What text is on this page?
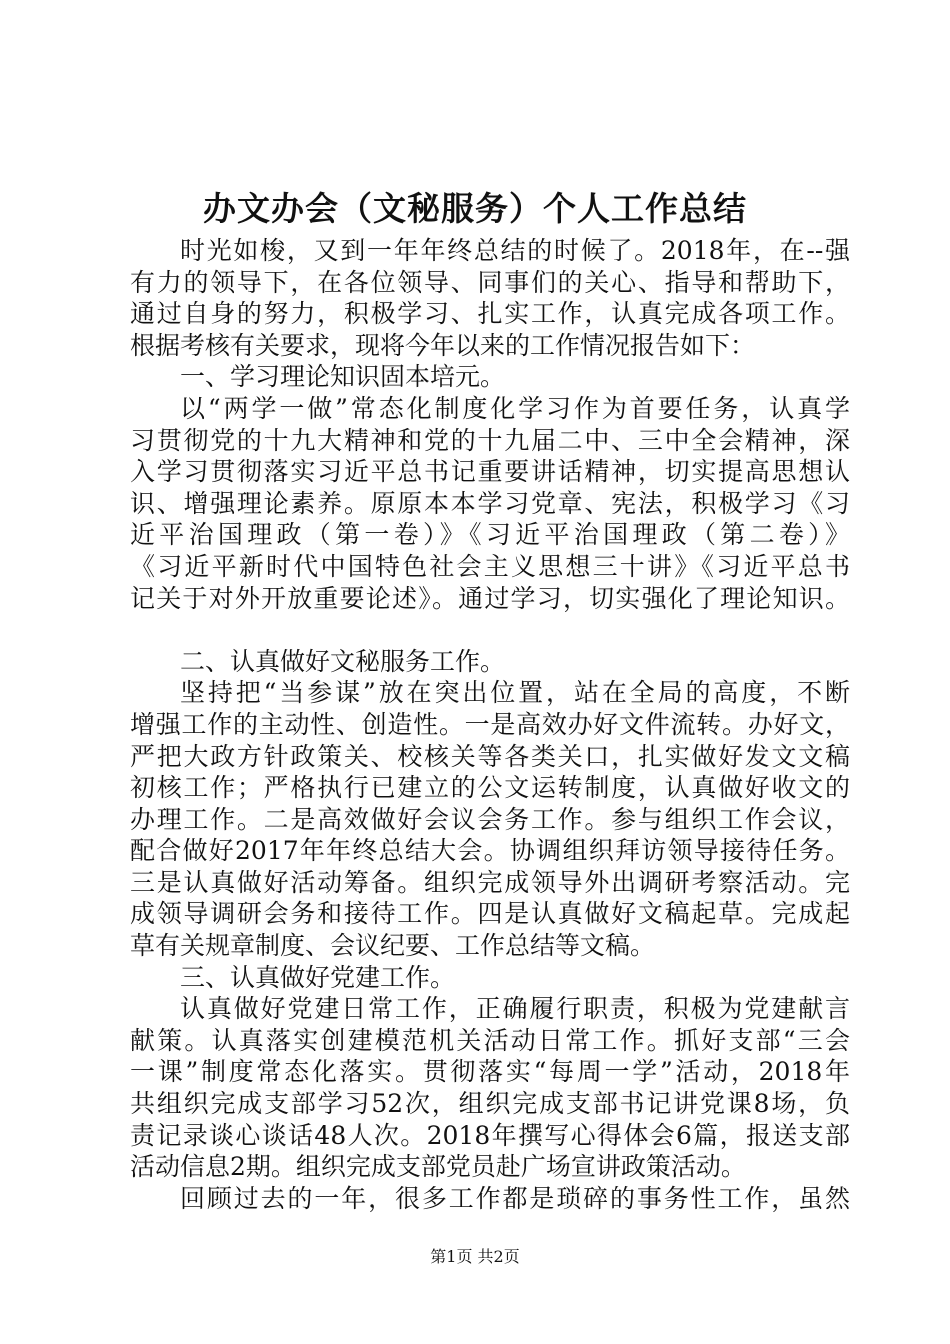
办文办会（文秘服务）个人工作总结
时光如梭，又到一年年终总结的时候了。2018年，在--强
有力的领导下，在各位领导、同事们的关心、指导和帮助下，
通过自身的努力，积极学习、扎实工作，认真完成各项工作。
根据考核有关要求，现将今年以来的工作情况报告如下：
一、学习理论知识固本培元。
以“两学一做”常态化制度化学习作为首要任务，认真学
习贯彻党的十九大精神和党的十九届二中、三中全会精神，深
入学习贯彻落实习近平总书记重要讲话精神，切实提高思想认
识、增强理论素养。原原本本学习党章、宪法，积极学习《习
近平治国理政（第一卷）》《习近平治国理政（第二卷）》
《习近平新时代中国特色社会主义思想三十讲》《习近平总书
记关于对外开放重要论述》。通过学习，切实强化了理论知识。
二、认真做好文秘服务工作。
坚持把“当参谋”放在突出位置，站在全局的高度，不断
增强工作的主动性、创造性。一是高效办好文件流转。办好文，
严把大政方针政策关、校核关等各类关口，扎实做好发文文稿
初核工作；严格执行已建立的公文运转制度，认真做好收文的
办理工作。二是高效做好会议会务工作。参与组织工作会议，
配合做好2017年年终总结大会。协调组织拜访领导接待任务。
三是认真做好活动筹备。组织完成领导外出调研考察活动。完
成领导调研会务和接待工作。四是认真做好文稿起草。完成起
草有关规章制度、会议纪要、工作总结等文稿。
三、认真做好党建工作。
认真做好党建日常工作，正确履行职责，积极为党建献言
献策。认真落实创建模范机关活动日常工作。抓好支部“三会
一课”制度常态化落实。贯彻落实“每周一学”活动，2018年
共组织完成支部学习52次，组织完成支部书记讲党课8场，负
责记录谈心谈话48人次。2018年撰写心得体会6篇，报送支部
活动信息2期。组织完成支部党员赴广场宣讲政策活动。
回顾过去的一年，很多工作都是琐碎的事务性工作，虽然
第1页 共2页
